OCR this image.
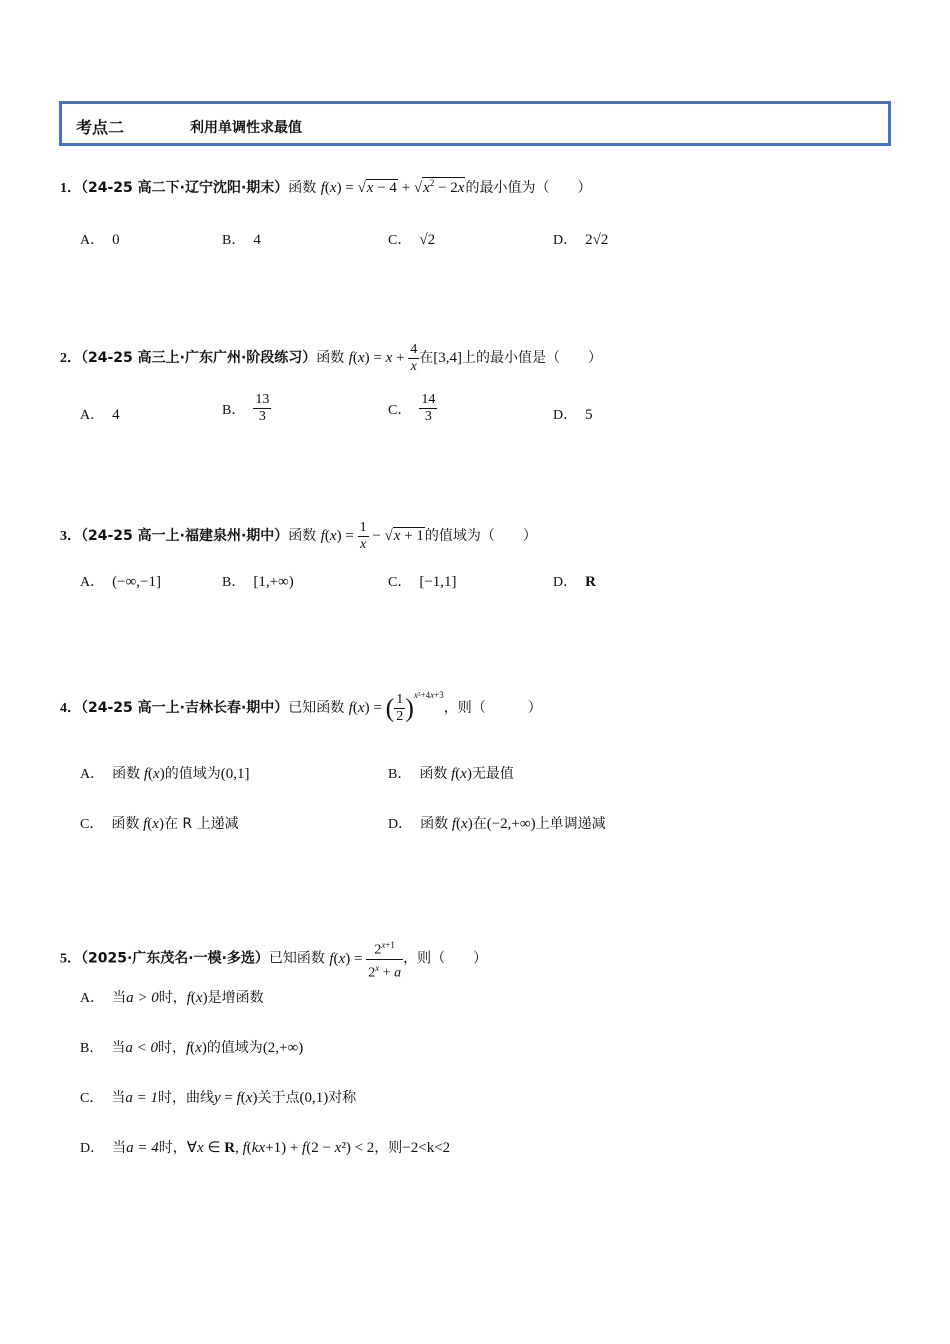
考点二	利用单调性求最值
1．（24-25 高二下·辽宁沈阳·期末）函数 $f(x) = √x - 4 + √x^2 - 2x$的最小值为（　　）
A． 0	B． 4	C． √2	D． 2√2
2．（24-25 高三上·广东广州·阶段练习）函数 $f(x) = x + \frac{4}{x}$ 在[3,4]上的最小值是（　　）
A． 4	B． $\frac{13}{3}$	C． $\frac{14}{3}$	D． 5
3．（24-25 高一上·福建泉州·期中）函数 $f(x) = \frac{1}{x} - √x + 1$的值域为（　　）
A． (−∞,−1]	B． [1,+∞)	C． [−1,1]	D． R
4．（24-25 高一上·吉林长春·期中）已知函数 f(x) = ( $\frac{1}{2} )^{x^2+4x+3}$，则（　　　）
A． 函数 f(x)的值域为(0,1]	B． 函数 f(x)无最值
C． 函数 f(x)在 R 上递减	D． 函数 f(x)在(−2,+∞)上单调递减
5．（2025·广东茂名·一模·多选）已知函数 $f(x) = \frac{2^{x+1}}{2^x + a}$ ，则（　　）
A． 当a > 0时，f(x)是增函数
B． 当a < 0时，f(x)的值域为(2,+∞)
C． 当a = 1时，曲线y = f(x)关于点(0,1)对称
D． 当a = 4时，∀x ∈ R, f(kx+1) + f(2 − x²) < 2，则−2<k<2
